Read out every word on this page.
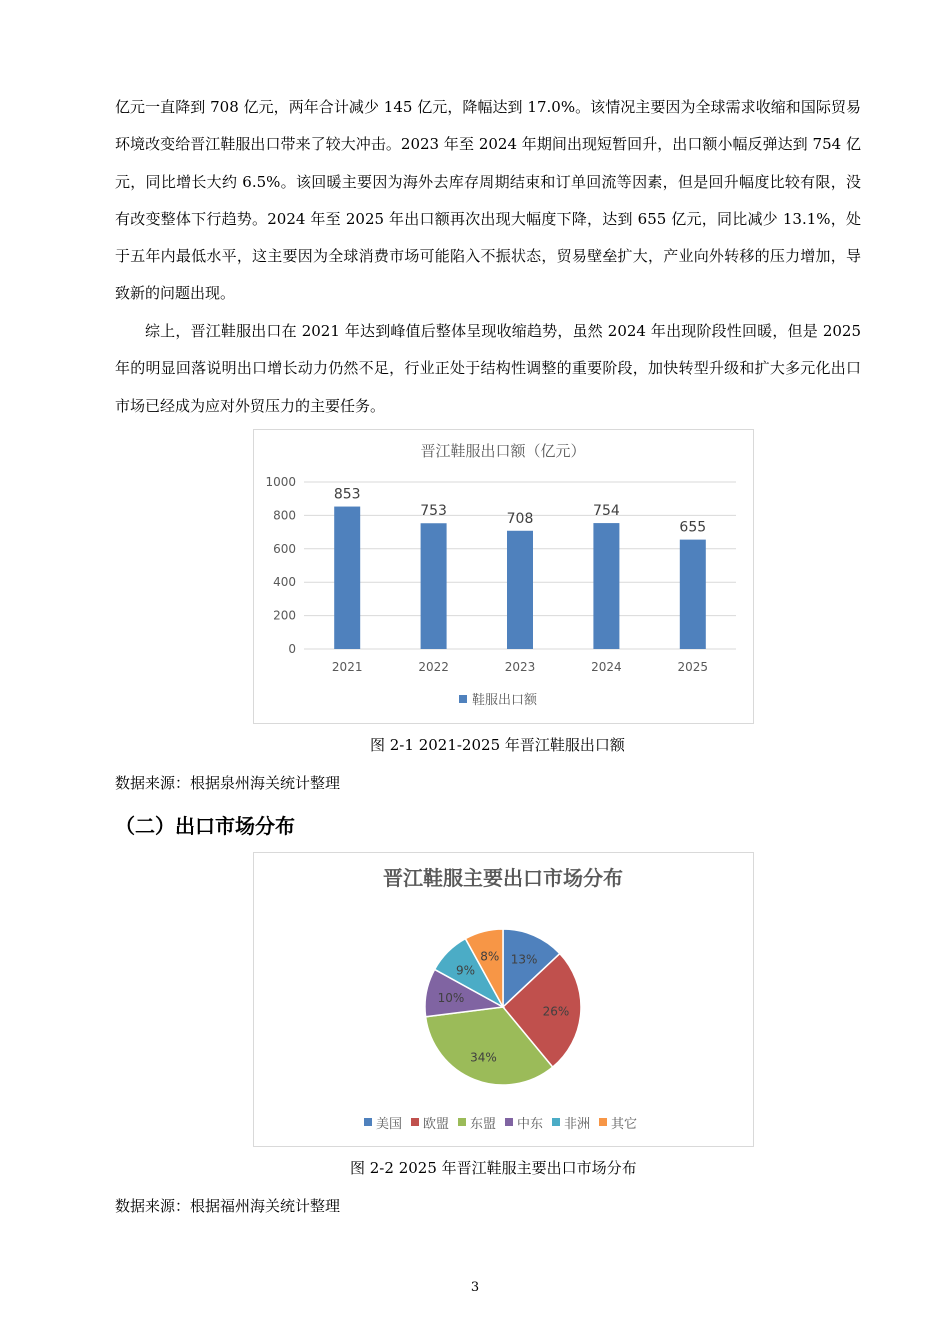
亿元一直降到 708 亿元，两年合计减少 145 亿元，降幅达到 17.0%。该情况主要因为全球需求收缩和国际贸易环境改变给晋江鞋服出口带来了较大冲击。2023 年至 2024 年期间出现短暂回升，出口额小幅反弹达到 754 亿元，同比增长大约 6.5%。该回暖主要因为海外去库存周期结束和订单回流等因素，但是回升幅度比较有限，没有改变整体下行趋势。2024 年至 2025 年出口额再次出现大幅度下降，达到 655 亿元，同比减少 13.1%，处于五年内最低水平，这主要因为全球消费市场可能陷入不振状态，贸易壁垒扩大，产业向外转移的压力增加，导致新的问题出现。
综上，晋江鞋服出口在 2021 年达到峰值后整体呈现收缩趋势，虽然 2024 年出现阶段性回暖，但是 2025 年的明显回落说明出口增长动力仍然不足，行业正处于结构性调整的重要阶段，加快转型升级和扩大多元化出口市场已经成为应对外贸压力的主要任务。
晋江鞋服出口额（亿元）
0
200
400
600
800
1000
853
2021
753
2022
708
2023
754
2024
655
2025
鞋服出口额
图 2-1 2021-2025 年晋江鞋服出口额
数据来源：根据泉州海关统计整理
（二）出口市场分布
晋江鞋服主要出口市场分布
13%
26%
34%
10%
9%
8%
美国 欧盟 东盟 中东 非洲 其它
图 2-2 2025 年晋江鞋服主要出口市场分布
数据来源：根据福州海关统计整理
3
